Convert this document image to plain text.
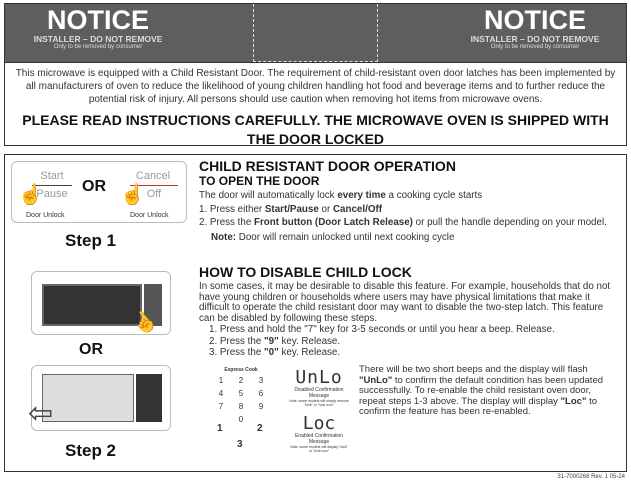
NOTICE
INSTALLER – DO NOT REMOVE
Only to be removed by consumer
NOTICE
INSTALLER – DO NOT REMOVE
Only to be removed by consumer

This microwave is equipped with a Child Resistant Door. The requirement of child-resistant oven door latches has been implemented by all manufacturers of oven to reduce the likelihood of young children handling hot food and beverage items and to further reduce the potential risk of injury. All persons should use caution when removing hot items from microwave ovens.

PLEASE READ INSTRUCTIONS CAREFULLY. THE MICROWAVE OVEN IS SHIPPED WITH THE DOOR LOCKED
Start
Pause OR
Cancel
Off
☝	☝
Door Unlock	Door Unlock
Step 1
☝
OR
⇦
Step 2
CHILD RESISTANT DOOR OPERATION
TO OPEN THE DOOR
The door will automatically lock every time a cooking cycle starts
1. Press either Start/Pause or Cancel/Off
2. Press the Front button (Door Latch Release) or pull the handle depending on your model.
Note: Door will remain unlocked until next cooking cycle
HOW TO DISABLE CHILD LOCK
In some cases, it may be desirable to disable this feature. For example, households that do not have young children or households where users may have physical limitations that make it difficult to operate the child resistant door may want to disable the two-step latch. This feature can be disabled by following these steps.
1. Press and hold the "7" key for 3-5 seconds or until you hear a beep. Release.
2. Press the "9" key. Release.
3. Press the "0" key. Release.
Express Cook
1	2	3
4	5	6
7	8	9
0
1	2
3
UnLo
Disabled Confirmation Message
Note: some models will simply remove "lock" or "lock icon"
Loc
Enabled Confirmation Message
Note: some models will display "lock" or "lock icon"
There will be two short beeps and the display will flash "UnLo" to confirm the default condition has been updated successfully. To re-enable the child resistant oven door, repeat steps 1-3 above. The display will display "Loc" to confirm the feature has been re-enabled.
31-7000268 Rev. 1 05-24
